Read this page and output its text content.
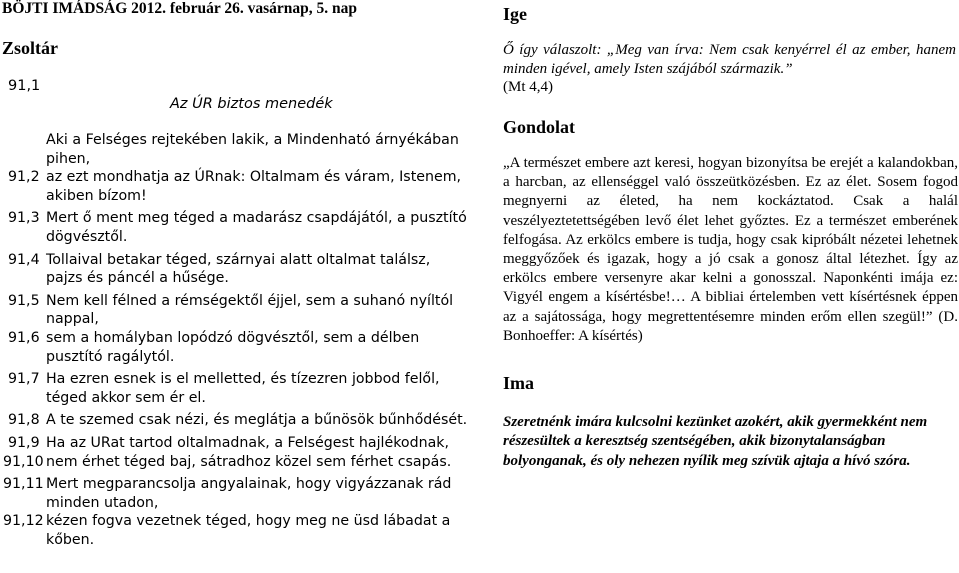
BÖJTI IMÁDSÁG 2012. február 26. vasárnap, 5. nap
Zsoltár
91,1
Az ÚR biztos menedék

Aki a Felséges rejtekében lakik, a Mindenható árnyékában pihen,

91,2 az ezt mondhatja az ÚRnak: Oltalmam és váram, Istenem, akiben bízom!

91,3 Mert ő ment meg téged a madarász csapdájától, a pusztító dögvésztől.

91,4 Tollaival betakar téged, szárnyai alatt oltalmat találsz, pajzs és páncél a hűsége.

91,5 Nem kell félned a rémségektől éjjel, sem a suhanó nyíltól nappal,

91,6 sem a homályban lopódzó dögvésztől, sem a délben pusztító ragálytól.

91,7 Ha ezren esnek is el melletted, és tízezren jobbod felől, téged akkor sem ér el.

91,8 A te szemed csak nézi, és meglátja a bűnösök bűnhődését.

91,9 Ha az URat tartod oltalmadnak, a Felségest hajlékodnak,

91,10 nem érhet téged baj, sátradhoz közel sem férhet csapás.

91,11 Mert megparancsolja angyalainak, hogy vigyázzanak rád minden utadon,

91,12 kézen fogva vezetnek téged, hogy meg ne üsd lábadat a kőben.

Ige
Ő így válaszolt: „Meg van írva: Nem csak kenyérrel él az ember, hanem minden igével, amely Isten szájából származik.”
(Mt 4,4)
Gondolat
„A természet embere azt keresi, hogyan bizonyítsa be erejét a kalandokban, a harcban, az ellenséggel való összeütközésben. Ez az élet. Sosem fogod megnyerni az életed, ha nem kockáztatod. Csak a halál veszélyeztetettségében levő élet lehet győztes. Ez a természet emberének felfogása. Az erkölcs embere is tudja, hogy csak kipróbált nézetei lehetnek meggyőzőek és igazak, hogy a jó csak a gonosz által létezhet. Így az erkölcs embere versenyre akar kelni a gonosszal. Naponkénti imája ez: Vigyél engem a kísértésbe!… A bibliai értelemben vett kísértésnek éppen az a sajátossága, hogy megrettentésemre minden erőm ellen szegül!” (D. Bonhoeffer: A kísértés)
Ima
Szeretnénk imára kulcsolni kezünket azokért, akik gyermekként nem részesültek a keresztség szentségében, akik bizonytalanságban bolyonganak, és oly nehezen nyílik meg szívük ajtaja a hívó szóra.
